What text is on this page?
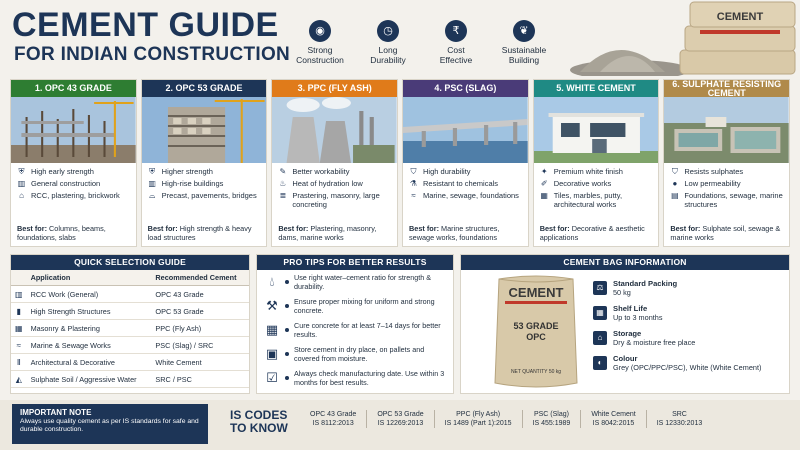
CEMENT GUIDE
FOR INDIAN CONSTRUCTION
◉
Strong
Construction
◷
Long
Durability
₹
Cost
Effective
❦
Sustainable
Building
CEMENT
1. OPC 43 GRADE
⛨ High early strength
▥ General construction
⌂ RCC, plastering, brickwork
Best for: Columns, beams, foundations, slabs
2. OPC 53 GRADE
⛨ Higher strength
▥ High-rise buildings
⌓ Precast, pavements, bridges
Best for: High strength & heavy load structures
3. PPC (FLY ASH)
✎ Better workability
♨ Heat of hydration low
≣ Prastering, masonry, large concreting
Best for: Plastering, masonry, dams, marine works
4. PSC (SLAG)
⛉ High durability
⚗ Resistant to chemicals
≈ Marine, sewage, foundations
Best for: Marine structures, sewage works, foundations
5. WHITE CEMENT
✦ Premium white finish
✐ Decorative works
▦ Tiles, marbles, putty, architectural works
Best for: Decorative & aesthetic applications
6. SULPHATE RESISTING CEMENT
⛉ Resists sulphates
● Low permeability
▤ Foundations, sewage, marine structures
Best for: Sulphate soil, sewage & marine works
QUICK SELECTION GUIDE
	Application	Recommended Cement
▥	RCC Work (General)	OPC 43 Grade
▮	High Strength Structures	OPC 53 Grade
▦	Masonry & Plastering	PPC (Fly Ash)
≈	Marine & Sewage Works	PSC (Slag) / SRC
Ⅱ	Architectural & Decorative	White Cement
◭	Sulphate Soil / Aggressive Water	SRC / PSC
PRO TIPS FOR BETTER RESULTS
💧︎	Use right water–cement ratio for strength & durability.
⚒	Ensure proper mixing for uniform and strong concrete.
▦	Cure concrete for at least 7–14 days for better results.
▣	Store cement in dry place, on pallets and covered from moisture.
☑	Always check manufacturing date. Use within 3 months for best results.
CEMENT BAG INFORMATION
CEMENT
53 GRADE
OPC
NET QUANTITY 50 kg
⚖	Standard Packing
50 kg
▦	Shelf Life
Up to 3 months
⌂	Storage
Dry & moisture free place
◐	Colour
Grey (OPC/PPC/PSC), White (White Cement)
IMPORTANT NOTE
Always use quality cement as per IS standards for safe and durable construction.
IS CODES
TO KNOW
OPC 43 Grade
IS 8112:2013
OPC 53 Grade
IS 12269:2013
PPC (Fly Ash)
IS 1489 (Part 1):2015
PSC (Slag)
IS 455:1989
White Cement
IS 8042:2015
SRC
IS 12330:2013
